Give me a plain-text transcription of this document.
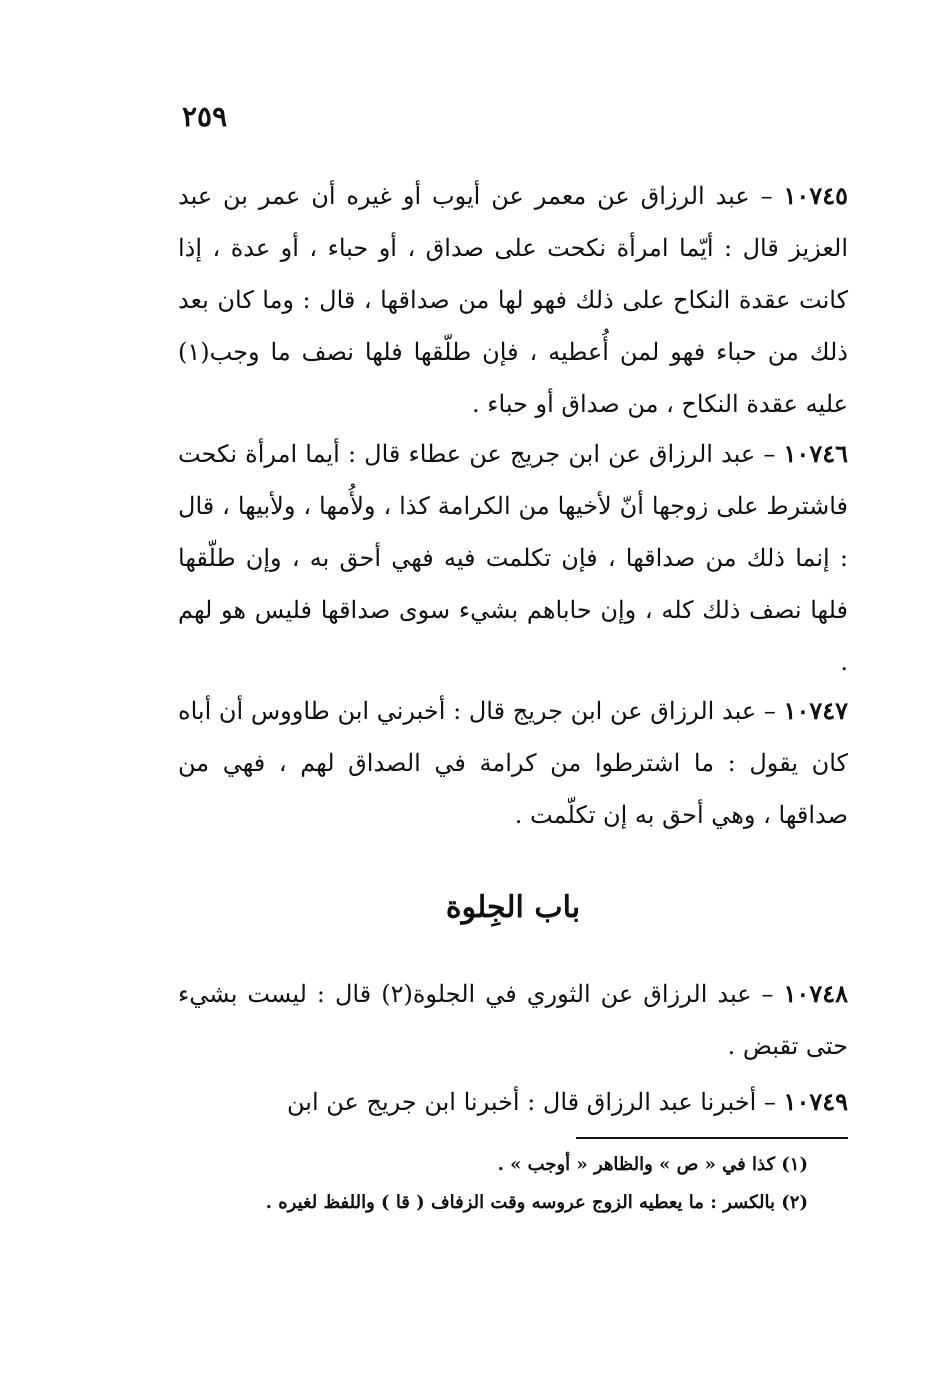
٢٥٩
١٠٧٤٥ – عبد الرزاق عن معمر عن أيوب أو غيره أن عمر بن عبد العزيز قال : أيّما امرأة نكحت على صداق ، أو حباء ، أو عدة ، إذا كانت عقدة النكاح على ذلك فهو لها من صداقها ، قال : وما كان بعد ذلك من حباء فهو لمن أُعطيه ، فإن طلّقها فلها نصف ما وجب(١) عليه عقدة النكاح ، من صداق أو حباء .
١٠٧٤٦ – عبد الرزاق عن ابن جريج عن عطاء قال : أيما امرأة نكحت فاشترط على زوجها أنّ لأخيها من الكرامة كذا ، ولأُمها ، ولأبيها ، قال : إنما ذلك من صداقها ، فإن تكلمت فيه فهي أحق به ، وإن طلّقها فلها نصف ذلك كله ، وإن حاباهم بشيء سوى صداقها فليس هو لهم .
١٠٧٤٧ – عبد الرزاق عن ابن جريج قال : أخبرني ابن طاووس أن أباه كان يقول : ما اشترطوا من كرامة في الصداق لهم ، فهي من صداقها ، وهي أحق به إن تكلّمت .
باب الجِلوة
١٠٧٤٨ – عبد الرزاق عن الثوري في الجلوة(٢) قال : ليست بشيء حتى تقبض .
١٠٧٤٩ – أخبرنا عبد الرزاق قال : أخبرنا ابن جريج عن ابن
(١) كذا في « ص » والظاهر « أوجب » .
(٢) بالكسر : ما يعطيه الزوج عروسه وقت الزفاف ( قا ) واللفظ لغيره .
